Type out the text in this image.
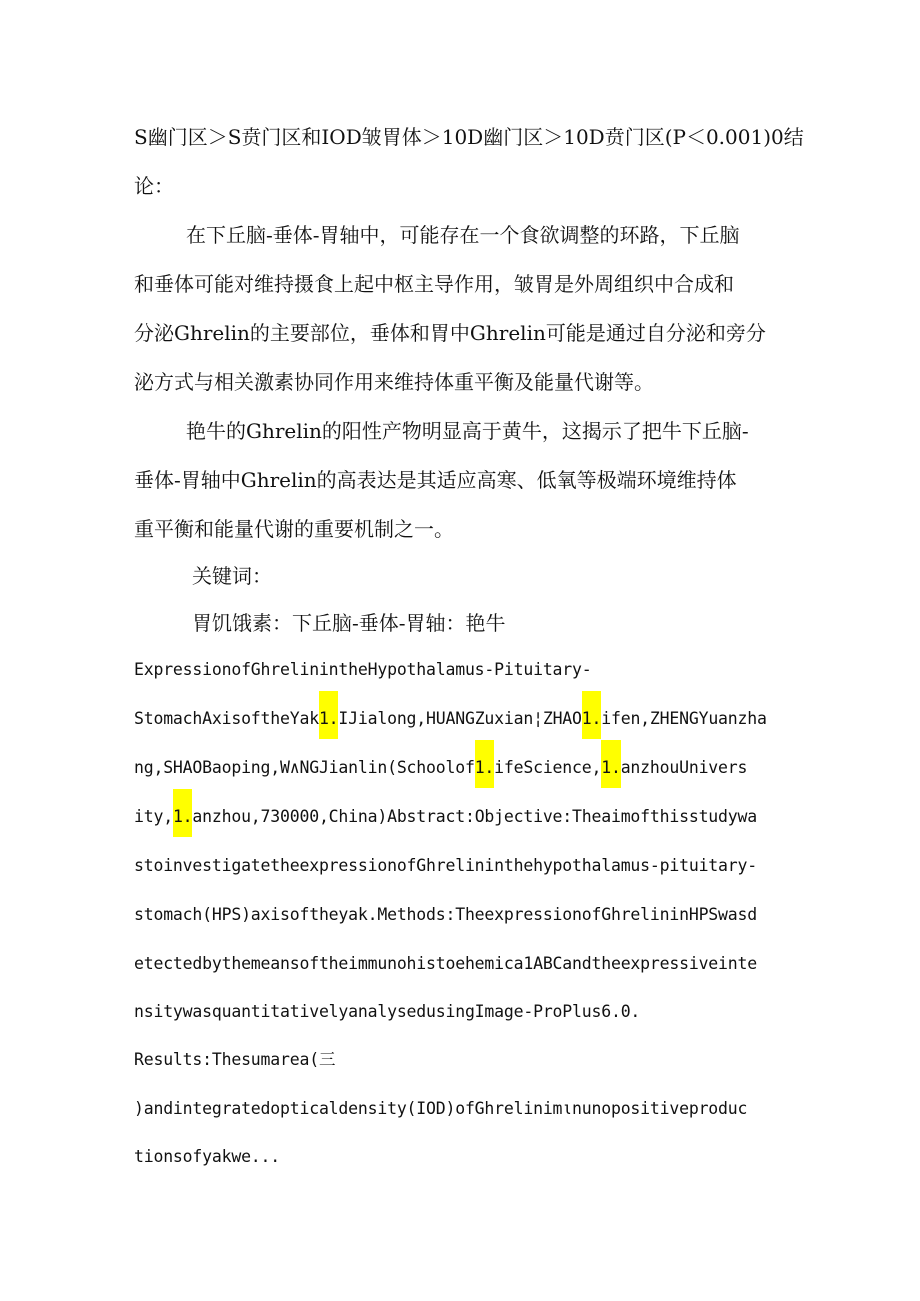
S幽门区＞S贲门区和IOD皱胃体＞10D幽门区＞10D贲门区(P＜0.001)0结
论：
在下丘脑-垂体-胃轴中，可能存在一个食欲调整的环路，下丘脑
和垂体可能对维持摄食上起中枢主导作用，皱胃是外周组织中合成和
分泌Ghrelin的主要部位，垂体和胃中Ghrelin可能是通过自分泌和旁分
泌方式与相关激素协同作用来维持体重平衡及能量代谢等。
艳牛的Ghrelin的阳性产物明显高于黄牛，这揭示了把牛下丘脑-
垂体-胃轴中Ghrelin的高表达是其适应高寒、低氧等极端环境维持体
重平衡和能量代谢的重要机制之一。
关键词：
胃饥饿素：下丘脑-垂体-胃轴：艳牛
ExpressionofGhrelinintheHypothalamus-Pituitary-
StomachAxisoftheYak1.IJialong,HUANGZuxian¦ZHAO1.ifen,ZHENGYuanzha
ng,SHAOBaoping,W∧NGJianlin(Schoolof1.ifeScience,1.anzhouUnivers
ity,1.anzhou,730000,China)Abstract:Objective:Theaimofthisstudywa
stoinvestigatetheexpressionofGhrelininthehypothalamus-pituitary-
stomach(HPS)axisoftheyak.Methods:TheexpressionofGhrelininHPSwasd
etectedbythemeansoftheimmunohistoehemica1ABCandtheexpressiveinte
nsitywasquantitativelyanalysedusingImage-ProPlus6.0.
Results:Thesumarea(三
)andintegratedopticaldensity(IOD)ofGhrelinimιnunopositiveproduc
tionsofyakwe...
